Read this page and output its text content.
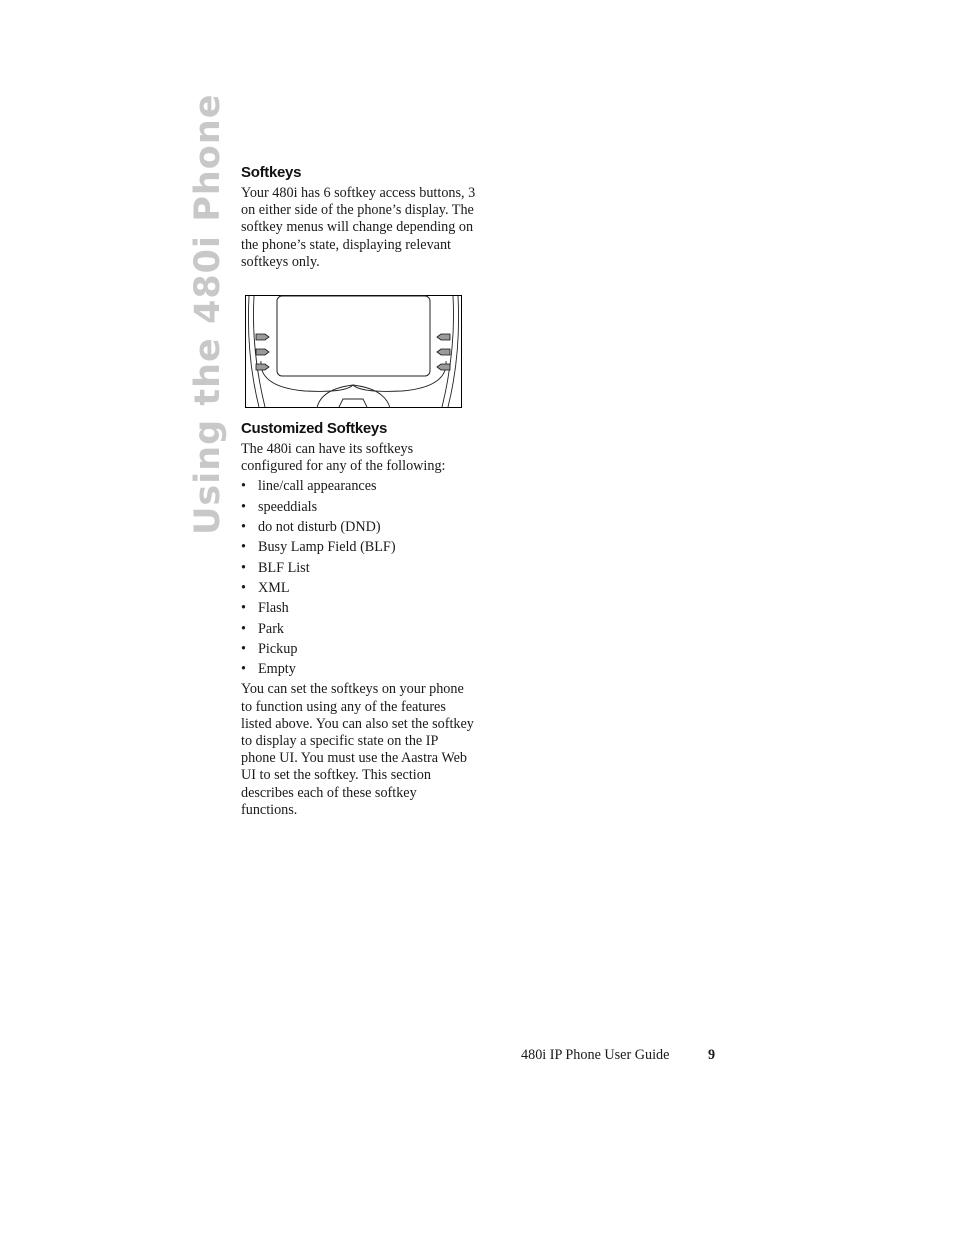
Using the 480i Phone Softkeys

Your 480i has 6 softkey access buttons, 3 on either side of the phone’s display. The softkey menus will change depending on the phone’s state, displaying relevant softkeys only.

Customized Softkeys

The 480i can have its softkeys configured for any of the following:

• line/call appearances
• speeddials
• do not disturb (DND)
• Busy Lamp Field (BLF)
• BLF List
• XML
• Flash
• Park
• Pickup
• Empty

You can set the softkeys on your phone to function using any of the features listed above. You can also set the softkey to display a specific state on the IP phone UI. You must use the Aastra Web UI to set the softkey. This section describes each of these softkey functions.

480i IP Phone User Guide	9
